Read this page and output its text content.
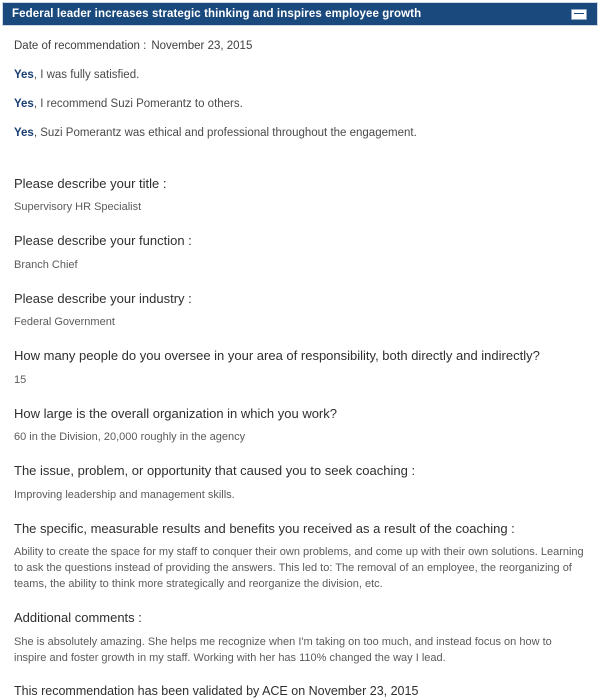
Federal leader increases strategic thinking and inspires employee growth
Date of recommendation : November 23, 2015
Yes, I was fully satisfied.
Yes, I recommend Suzi Pomerantz to others.
Yes, Suzi Pomerantz was ethical and professional throughout the engagement.
Please describe your title :
Supervisory HR Specialist
Please describe your function :
Branch Chief
Please describe your industry :
Federal Government
How many people do you oversee in your area of responsibility, both directly and indirectly?
15
How large is the overall organization in which you work?
60 in the Division, 20,000 roughly in the agency
The issue, problem, or opportunity that caused you to seek coaching :
Improving leadership and management skills.
The specific, measurable results and benefits you received as a result of the coaching :
Ability to create the space for my staff to conquer their own problems, and come up with their own solutions. Learning to ask the questions instead of providing the answers. This led to: The removal of an employee, the reorganizing of teams, the ability to think more strategically and reorganize the division, etc.
Additional comments :
She is absolutely amazing. She helps me recognize when I'm taking on too much, and instead focus on how to inspire and foster growth in my staff. Working with her has 110% changed the way I lead.
This recommendation has been validated by ACE on November 23, 2015
